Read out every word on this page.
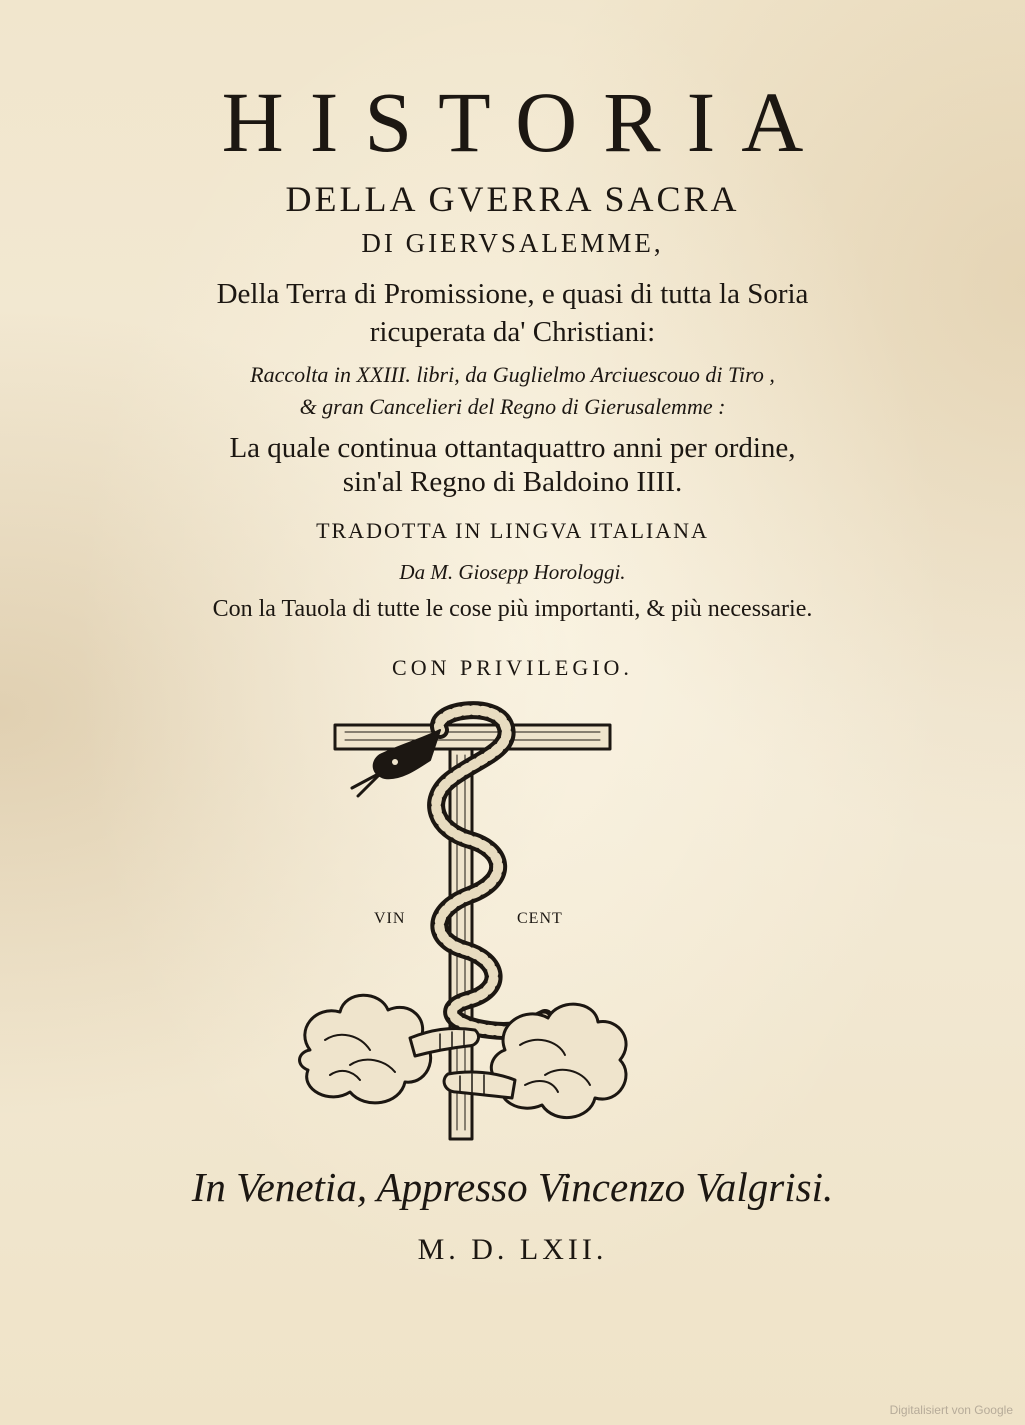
HISTORIA
DELLA GVERRA SACRA
DI GIERVSALEMME,
Della Terra di Promissione, e quasi di tutta la Soria
ricuperata da' Christiani:
Raccolta in XXIII. libri, da Guglielmo Arciuescouo di Tiro ,
& gran Cancelieri del Regno di Gierusalemme :
La quale continua ottantaquattro anni per ordine,
sin'al Regno di Baldoino IIII.
TRADOTTA IN LINGVA ITALIANA
Da M. Giosepp Horologgi.
Con la Tauola di tutte le cose più importanti, & più necessarie.
CON PRIVILEGIO.
VIN	CENT
In Venetia, Appresso Vincenzo Valgrisi.
M. D. LXII.
Digitalisiert von Google
